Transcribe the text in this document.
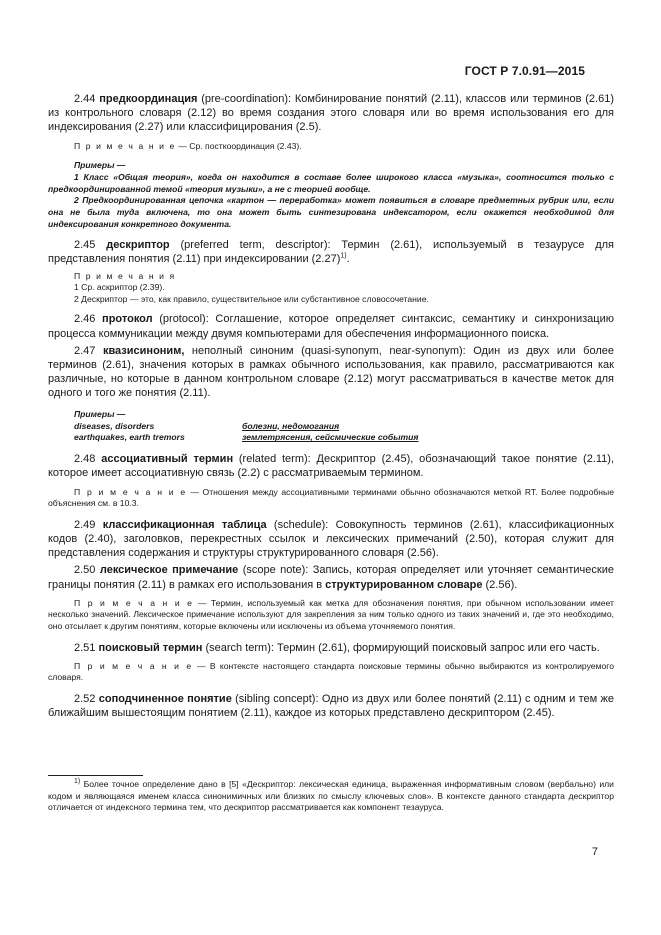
ГОСТ Р 7.0.91—2015

2.44 предкоординация (pre-coordination): Комбинирование понятий (2.11), классов или терминов (2.61) из контрольного словаря (2.12) во время создания этого словаря или во время использования его для индексирования (2.27) или классифицирования (2.5).

П р и м е ч а н и е — Ср. посткоординация (2.43).
Примеры —
1 Класс «Общая теория», когда он находится в составе более широкого класса «музыка», соотносится только с предкоординированной темой «теория музыки», а не с теорией вообще.
2 Предкоординированная цепочка «картон — переработка» может появиться в словаре предметных рубрик или, если она не была туда включена, то она может быть синтезирована индексатором, если окажется необходимой для индексирования конкретного документа.

2.45 дескриптор (preferred term, descriptor): Термин (2.61), используемый в тезаурусе для представления понятия (2.11) при индексировании $(2.27)^{1)}$.

П р и м е ч а н и я
1 Ср. аскриптор (2.39).
2 Дескриптор — это, как правило, существительное или субстантивное словосочетание.

2.46 протокол (protocol): Соглашение, которое определяет синтаксис, семантику и синхронизацию процесса коммуникации между двумя компьютерами для обеспечения информационного поиска.

2.47 квазисиноним, неполный синоним (quasi-synonym, near-synonym): Один из двух или более терминов (2.61), значения которых в рамках обычного использования, как правило, рассматриваются как различные, но которые в данном контрольном словаре (2.12) могут рассматриваться в качестве меток для одного и того же понятия (2.11).

Примеры —
diseases, disorders	болезни, недомогания
earthquakes, earth tremors	землетрясения, сейсмические события

2.48 ассоциативный термин (related term): Дескриптор (2.45), обозначающий такое понятие (2.11), которое имеет ассоциативную связь (2.2) с рассматриваемым термином.

П р и м е ч а н и е — Отношения между ассоциативными терминами обычно обозначаются меткой RT. Более подробные объяснения см. в 10.3.

2.49 классификационная таблица (schedule): Совокупность терминов (2.61), классификационных кодов (2.40), заголовков, перекрестных ссылок и лексических примечаний (2.50), которая служит для представления содержания и структуры структурированного словаря (2.56).

2.50 лексическое примечание (scope note): Запись, которая определяет или уточняет семантические границы понятия (2.11) в рамках его использования в структурированном словаре (2.56).

П р и м е ч а н и е — Термин, используемый как метка для обозначения понятия, при обычном использовании имеет несколько значений. Лексическое примечание используют для закрепления за ним только одного из таких значений и, где это необходимо, оно отсылает к другим понятиям, которые включены или исключены из объема уточняемого понятия.

2.51 поисковый термин (search term): Термин (2.61), формирующий поисковый запрос или его часть.

П р и м е ч а н и е — В контексте настоящего стандарта поисковые термины обычно выбираются из контролируемого словаря.

2.52 соподчиненное понятие (sibling concept): Одно из двух или более понятий (2.11) с одним и тем же ближайшим вышестоящим понятием (2.11), каждое из которых представлено дескриптором (2.45).

$^{1)}$ Более точное определение дано в [5] «Дескриптор: лексическая единица, выраженная информативным словом (вербально) или кодом и являющаяся именем класса синонимичных или близких по смыслу ключевых слов». В контексте данного стандарта дескриптор отличается от индексного термина тем, что дескриптор рассматривается как компонент тезауруса.
7
